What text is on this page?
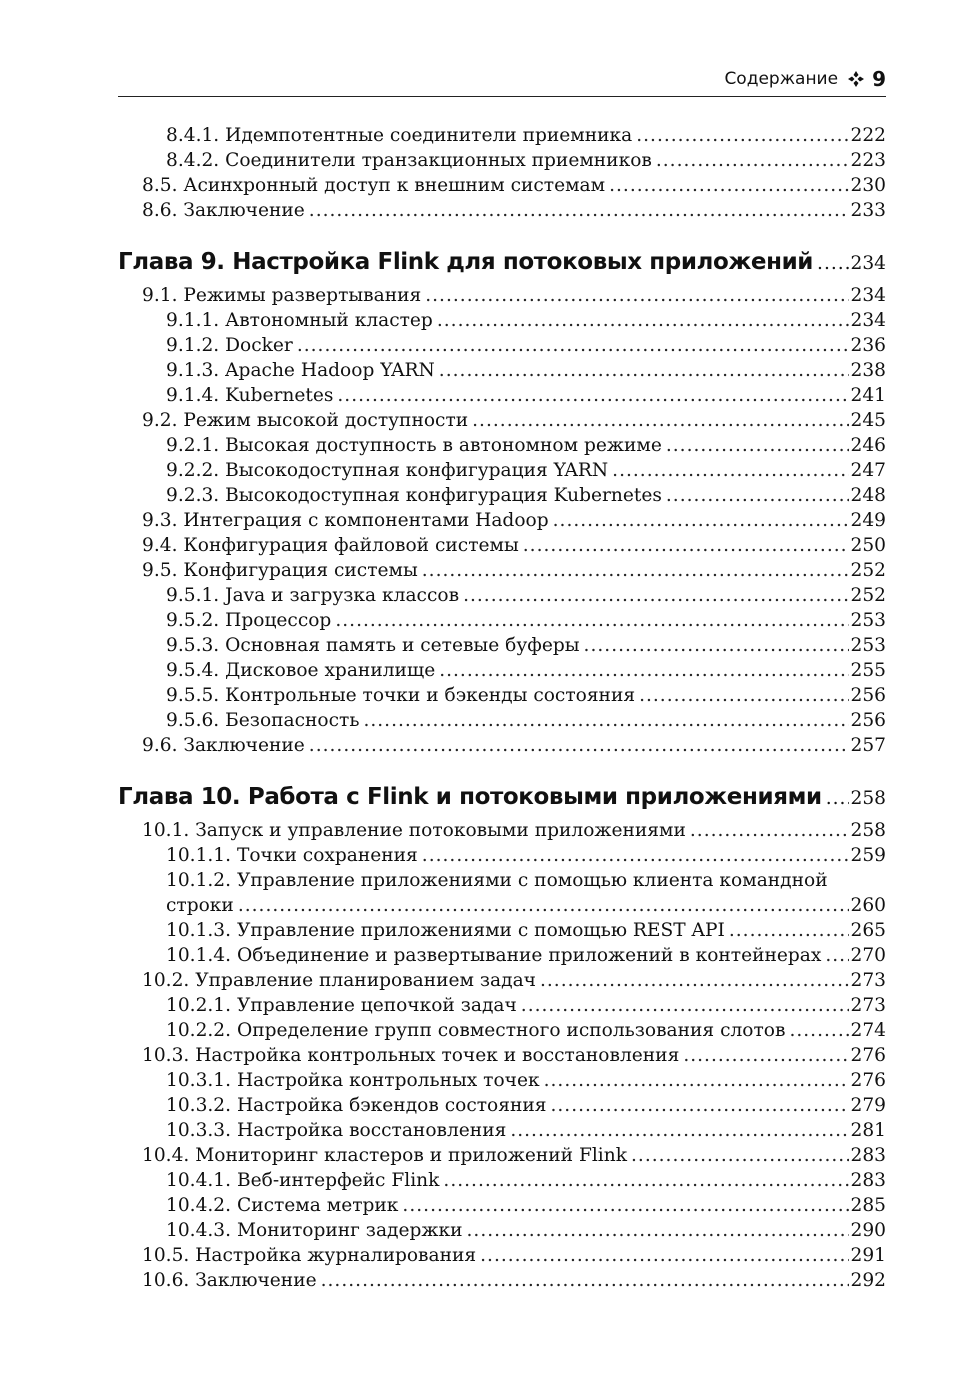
Содержание 9
8.4.1. Идемпотентные соединители приемника .....	222
8.4.2. Соединители транзакционных приемников .....	223
8.5. Асинхронный доступ к внешним системам .....	230
8.6. Заключение .....	233
Глава 9. Настройка Flink для потоковых приложений ..... 234
9.1. Режимы развертывания .....	234
9.1.1. Автономный кластер .....	234
9.1.2. Docker .....	236
9.1.3. Apache Hadoop YARN .....	238
9.1.4. Kubernetes .....	241
9.2. Режим высокой доступности .....	245
9.2.1. Высокая доступность в автономном режиме .....	246
9.2.2. Высокодоступная конфигурация YARN .....	247
9.2.3. Высокодоступная конфигурация Kubernetes .....	248
9.3. Интеграция с компонентами Hadoop .....	249
9.4. Конфигурация файловой системы .....	250
9.5. Конфигурация системы .....	252
9.5.1. Java и загрузка классов .....	252
9.5.2. Процессор .....	253
9.5.3. Основная память и сетевые буферы .....	253
9.5.4. Дисковое хранилище .....	255
9.5.5. Контрольные точки и бэкенды состояния .....	256
9.5.6. Безопасность .....	256
9.6. Заключение .....	257
Глава 10. Работа с Flink и потоковыми приложениями ..... 258
10.1. Запуск и управление потоковыми приложениями .....	258
10.1.1. Точки сохранения .....	259
10.1.2. Управление приложениями с помощью клиента командной
строки .....	260
10.1.3. Управление приложениями с помощью REST API .....	265
10.1.4. Объединение и развертывание приложений в контейнерах ..... 270
10.2. Управление планированием задач .....	273
10.2.1. Управление цепочкой задач .....	273
10.2.2. Определение групп совместного использования слотов .....	274
10.3. Настройка контрольных точек и восстановления .....	276
10.3.1. Настройка контрольных точек .....	276
10.3.2. Настройка бэкендов состояния .....	279
10.3.3. Настройка восстановления .....	281
10.4. Мониторинг кластеров и приложений Flink .....	283
10.4.1. Веб-интерфейс Flink .....	283
10.4.2. Система метрик .....	285
10.4.3. Мониторинг задержки .....	290
10.5. Настройка журналирования .....	291
10.6. Заключение .....	292
